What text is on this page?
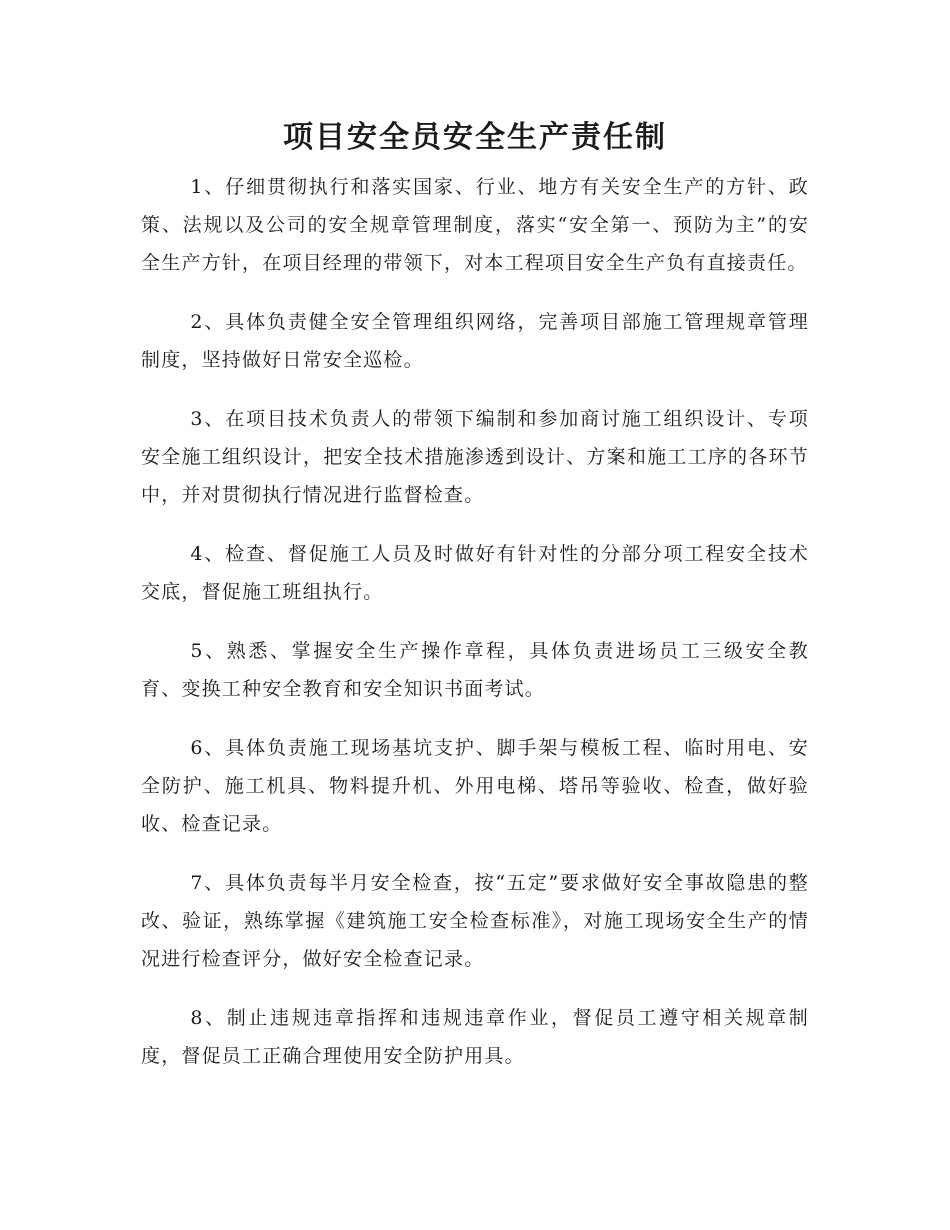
项目安全员安全生产责任制

1、仔细贯彻执行和落实国家、行业、地方有关安全生产的方针、政策、法规以及公司的安全规章管理制度，落实“安全第一、预防为主”的安全生产方针，在项目经理的带领下，对本工程项目安全生产负有直接责任。

2、具体负责健全安全管理组织网络，完善项目部施工管理规章管理制度，坚持做好日常安全巡检。

3、在项目技术负责人的带领下编制和参加商讨施工组织设计、专项安全施工组织设计，把安全技术措施渗透到设计、方案和施工工序的各环节中，并对贯彻执行情况进行监督检查。

4、检查、督促施工人员及时做好有针对性的分部分项工程安全技术交底，督促施工班组执行。

5、熟悉、掌握安全生产操作章程，具体负责进场员工三级安全教育、变换工种安全教育和安全知识书面考试。

6、具体负责施工现场基坑支护、脚手架与模板工程、临时用电、安全防护、施工机具、物料提升机、外用电梯、塔吊等验收、检查，做好验收、检查记录。

7、具体负责每半月安全检查，按“五定”要求做好安全事故隐患的整改、验证，熟练掌握《建筑施工安全检查标准》，对施工现场安全生产的情况进行检查评分，做好安全检查记录。

8、制止违规违章指挥和违规违章作业，督促员工遵守相关规章制度，督促员工正确合理使用安全防护用具。
